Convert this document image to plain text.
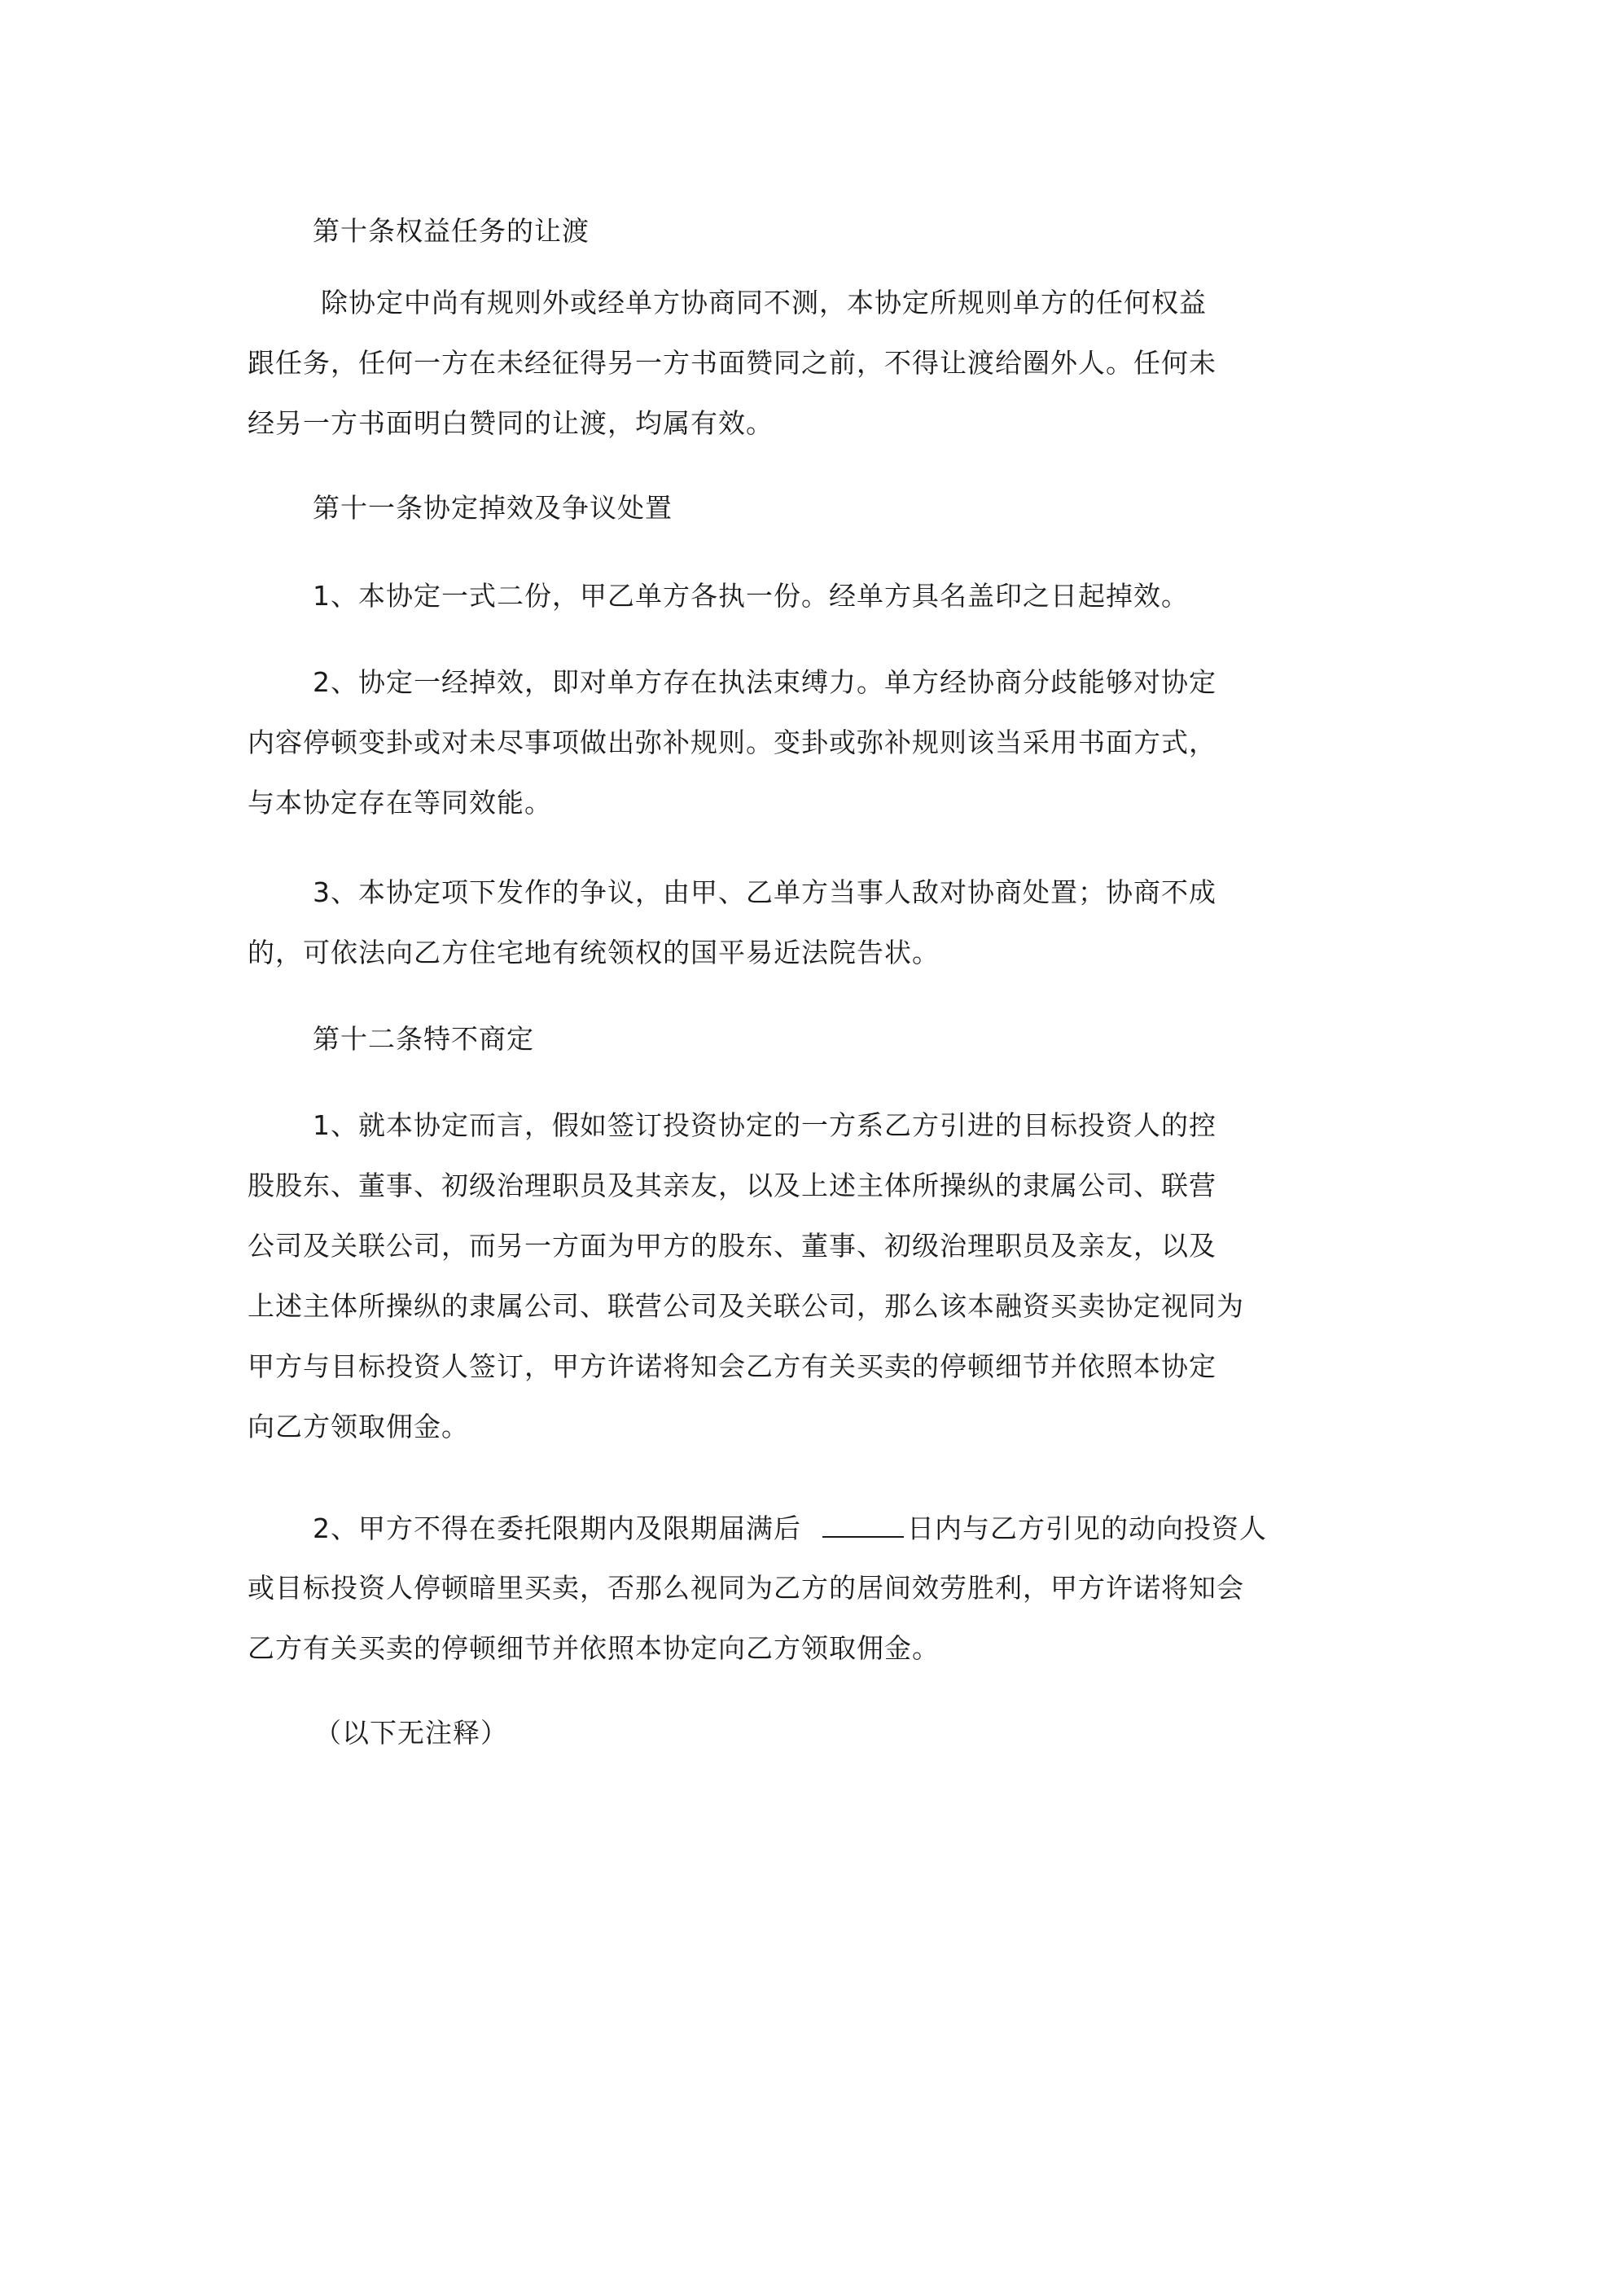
第十条权益任务的让渡
除协定中尚有规则外或经单方协商同不测，本协定所规则单方的任何权益
跟任务，任何一方在未经征得另一方书面赞同之前，不得让渡给圈外人。任何未
经另一方书面明白赞同的让渡，均属有效。
第十一条协定掉效及争议处置
1、本协定一式二份，甲乙单方各执一份。经单方具名盖印之日起掉效。
2、协定一经掉效，即对单方存在执法束缚力。单方经协商分歧能够对协定
内容停顿变卦或对未尽事项做出弥补规则。变卦或弥补规则该当采用书面方式，
与本协定存在等同效能。
3、本协定项下发作的争议，由甲、乙单方当事人敌对协商处置；协商不成
的，可依法向乙方住宅地有统领权的国平易近法院告状。
第十二条特不商定
1、就本协定而言，假如签订投资协定的一方系乙方引进的目标投资人的控
股股东、董事、初级治理职员及其亲友，以及上述主体所操纵的隶属公司、联营
公司及关联公司，而另一方面为甲方的股东、董事、初级治理职员及亲友，以及
上述主体所操纵的隶属公司、联营公司及关联公司，那么该本融资买卖协定视同为
甲方与目标投资人签订，甲方许诺将知会乙方有关买卖的停顿细节并依照本协定
向乙方领取佣金。
2、甲方不得在委托限期内及限期届满后	日内与乙方引见的动向投资人
或目标投资人停顿暗里买卖，否那么视同为乙方的居间效劳胜利，甲方许诺将知会
乙方有关买卖的停顿细节并依照本协定向乙方领取佣金。
（以下无注释）
